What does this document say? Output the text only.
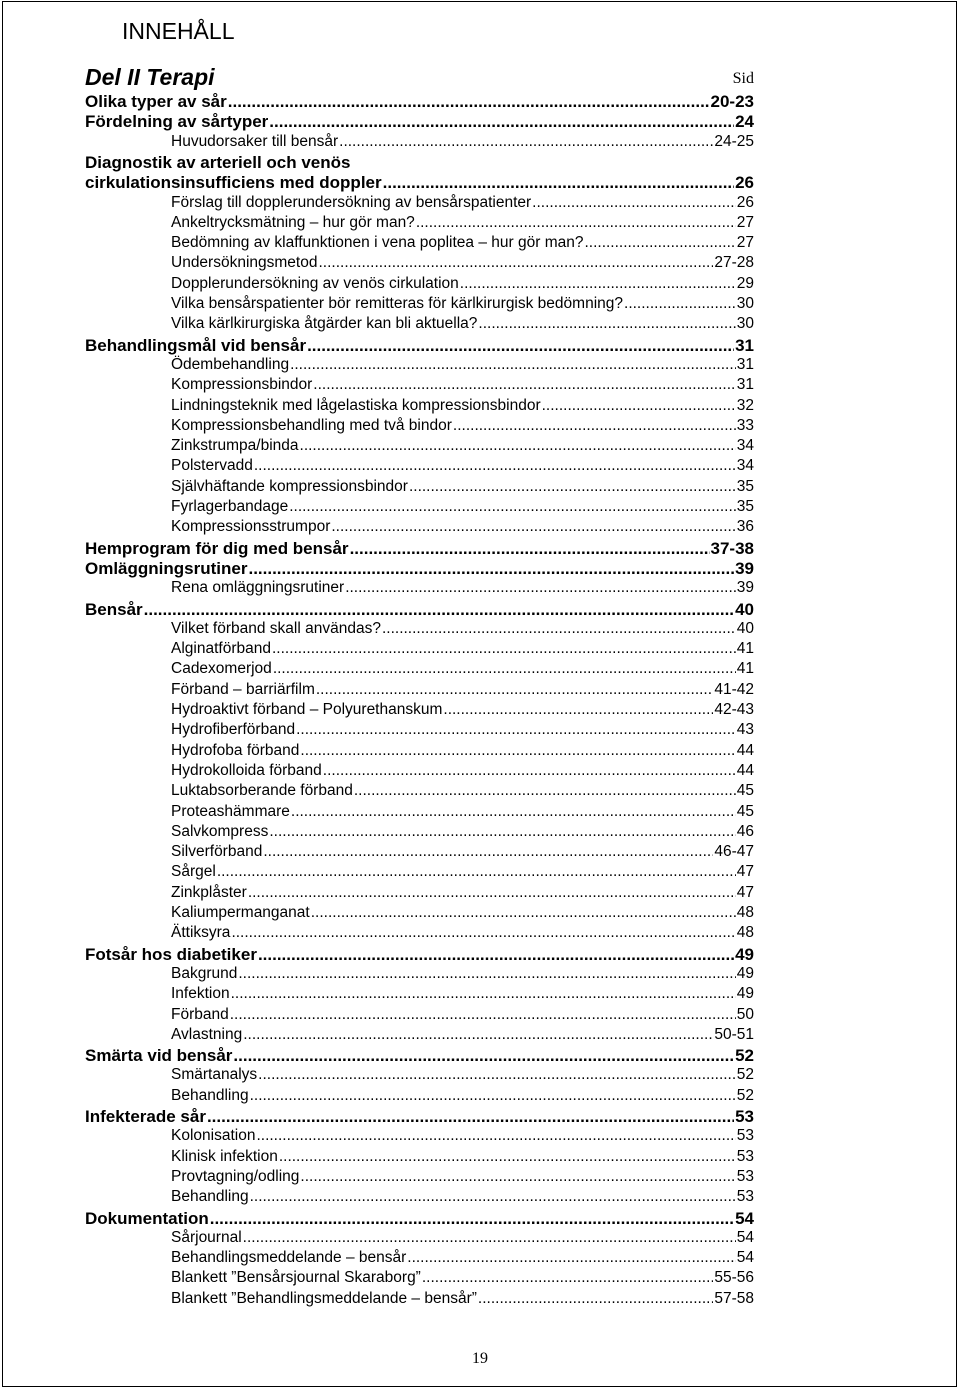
INNEHÅLL
Del II Terapi	Sid
Olika typer av sår .....	20-23
Fördelning av sårtyper .....	24
Huvudorsaker till bensår .....	24-25
Diagnostik av arteriell och venös
cirkulationsinsufficiens med doppler .....	26
Förslag till dopplerundersökning av bensårspatienter .....	26
Ankeltrycksmätning – hur gör man? .....	27
Bedömning av klaffunktionen i vena poplitea – hur gör man? .....	27
Undersökningsmetod .....	27-28
Dopplerundersökning av venös cirkulation .....	29
Vilka bensårspatienter bör remitteras för kärlkirurgisk bedömning? .....	30
Vilka kärlkirurgiska åtgärder kan bli aktuella? .....	30
Behandlingsmål vid bensår .....	31
Ödembehandling .....	31
Kompressionsbindor .....	31
Lindningsteknik med lågelastiska kompressionsbindor .....	32
Kompressionsbehandling med två bindor .....	33
Zinkstrumpa/binda .....	34
Polstervadd .....	34
Självhäftande kompressionsbindor .....	35
Fyrlagerbandage .....	35
Kompressionsstrumpor .....	36
Hemprogram för dig med bensår .....	37-38
Omläggningsrutiner .....	39
Rena omläggningsrutiner .....	39
Bensår .....	40
Vilket förband skall användas? .....	40
Alginatförband .....	41
Cadexomerjod .....	41
Förband – barriärfilm .....	41-42
Hydroaktivt förband – Polyurethanskum .....	42-43
Hydrofiberförband .....	43
Hydrofoba förband .....	44
Hydrokolloida förband .....	44
Luktabsorberande förband .....	45
Proteashämmare .....	45
Salvkompress .....	46
Silverförband .....	46-47
Sårgel .....	47
Zinkplåster .....	47
Kaliumpermanganat .....	48
Ättiksyra .....	48
Fotsår hos diabetiker .....	49
Bakgrund .....	49
Infektion .....	49
Förband .....	50
Avlastning .....	50-51
Smärta vid bensår .....	52
Smärtanalys .....	52
Behandling .....	52
Infekterade sår .....	53
Kolonisation .....	53
Klinisk infektion .....	53
Provtagning/odling .....	53
Behandling .....	53
Dokumentation .....	54
Sårjournal .....	54
Behandlingsmeddelande – bensår .....	54
Blankett ”Bensårsjournal Skaraborg” .....	55-56
Blankett ”Behandlingsmeddelande – bensår” .....	57-58
19
